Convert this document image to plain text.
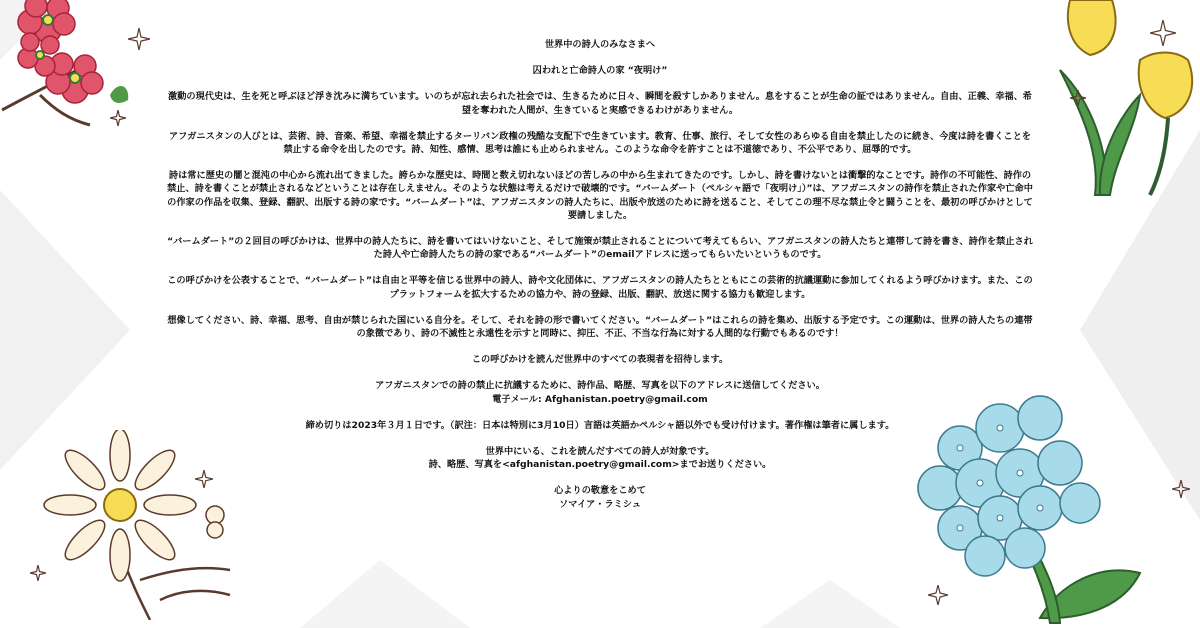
世界中の詩人のみなさまへ

囚われと亡命詩人の家 “夜明け”

激動の現代史は、生を死と呼ぶほど浮き沈みに満ちています。いのちが忘れ去られた社会では、生きるために日々、瞬間を殺すしかありません。息をすることが生命の証ではありません。自由、正義、幸福、希望を奪われた人間が、生きていると実感できるわけがありません。

アフガニスタンの人びとは、芸術、詩、音楽、希望、幸福を禁止するターリバン政権の残酷な支配下で生きています。教育、仕事、旅行、そして女性のあらゆる自由を禁止したのに続き、今度は詩を書くことを禁止する命令を出したのです。詩、知性、感情、思考は誰にも止められません。このような命令を許すことは不道徳であり、不公平であり、屈辱的です。

詩は常に歴史の闇と混沌の中心から流れ出てきました。誇らかな歴史は、時間と数え切れないほどの苦しみの中から生まれてきたのです。しかし、詩を書けないとは衝撃的なことです。詩作の不可能性、詩作の禁止、詩を書くことが禁止されるなどということは存在しえません。そのような状態は考えるだけで破壊的です。“バームダート（ペルシャ語で「夜明け」）”は、アフガニスタンの詩作を禁止された作家や亡命中の作家の作品を収集、登録、翻訳、出版する詩の家です。“バームダート”は、アフガニスタンの詩人たちに、出版や放送のために詩を送ること、そしてこの理不尽な禁止令と闘うことを、最初の呼びかけとして要請しました。

“バームダート”の２回目の呼びかけは、世界中の詩人たちに、詩を書いてはいけないこと、そして施策が禁止されることについて考えてもらい、アフガニスタンの詩人たちと連帯して詩を書き、詩作を禁止された詩人や亡命詩人たちの詩の家である“バームダート”のemailアドレスに送ってもらいたいというものです。

この呼びかけを公表することで、“バームダート”は自由と平等を信じる世界中の詩人、詩や文化団体に、アフガニスタンの詩人たちとともにこの芸術的抗議運動に参加してくれるよう呼びかけます。また、このプラットフォームを拡大するための協力や、詩の登録、出版、翻訳、放送に関する協力も歓迎します。

想像してください、詩、幸福、思考、自由が禁じられた国にいる自分を。そして、それを詩の形で書いてください。“バームダート”はこれらの詩を集め、出版する予定です。この運動は、世界の詩人たちの連帯の象徴であり、詩の不滅性と永遠性を示すと同時に、抑圧、不正、不当な行為に対する人間的な行動でもあるのです！

この呼びかけを読んだ世界中のすべての表現者を招待します。

アフガニスタンでの詩の禁止に抗議するために、詩作品、略歴、写真を以下のアドレスに送信してください。

電子メール: Afghanistan.poetry@gmail.com

締め切りは2023年３月１日です。（訳注：日本は特別に3月10日）言語は英語かペルシャ語以外でも受け付けます。著作権は筆者に属します。

世界中にいる、これを読んだすべての詩人が対象です。

詩、略歴、写真を<afghanistan.poetry@gmail.com>までお送りください。

心よりの敬意をこめて

ソマイア・ラミシュ
